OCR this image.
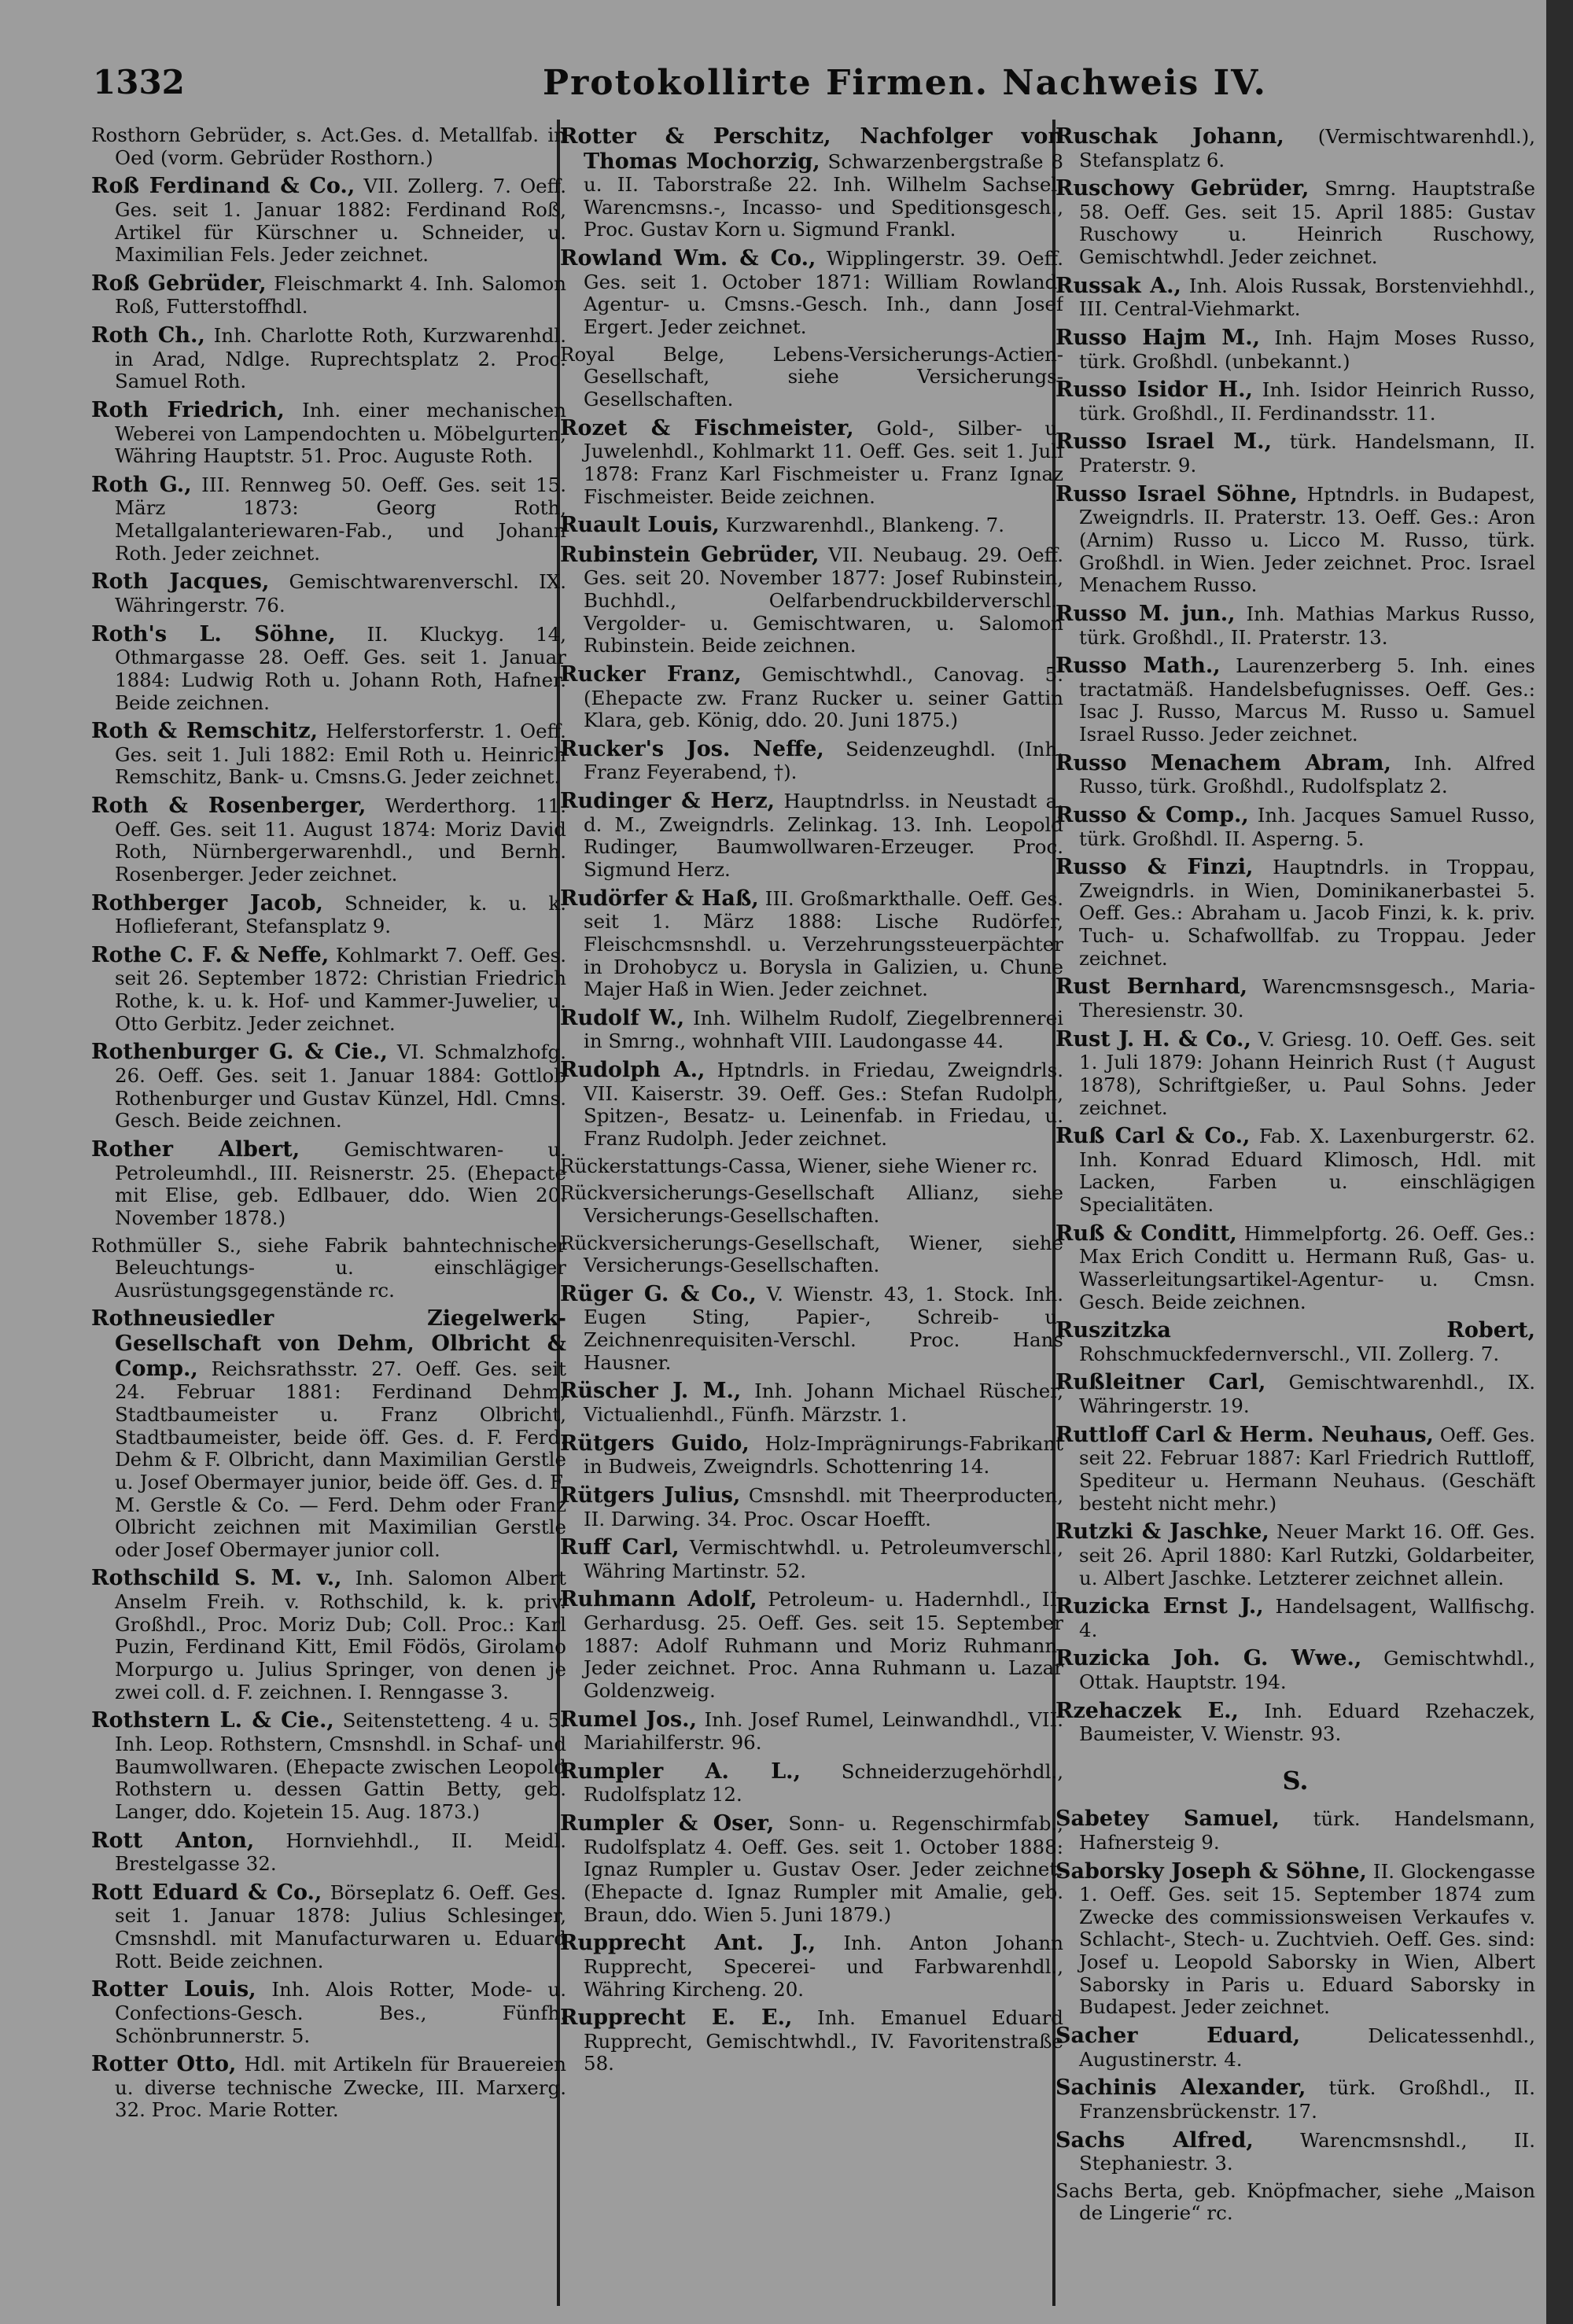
1332	Protokollirte Firmen. Nachweis IV.

Rosthorn Gebrüder, s. Act.Ges. d. Metallfab. in Oed (vorm. Gebrüder Rosthorn.)

Roß Ferdinand & Co., VII. Zollerg. 7. Oeff. Ges. seit 1. Januar 1882: Ferdinand Roß, Artikel für Kürschner u. Schneider, u. Maximilian Fels. Jeder zeichnet.

Roß Gebrüder, Fleischmarkt 4. Inh. Salomon Roß, Futterstoffhdl.

Roth Ch., Inh. Charlotte Roth, Kurzwarenhdl. in Arad, Ndlge. Ruprechtsplatz 2. Proc. Samuel Roth.

Roth Friedrich, Inh. einer mechanischen Weberei von Lampendochten u. Möbelgurten, Währing Hauptstr. 51. Proc. Auguste Roth.

Roth G., III. Rennweg 50. Oeff. Ges. seit 15. März 1873: Georg Roth, Metallgalanteriewaren-Fab., und Johann Roth. Jeder zeichnet.

Roth Jacques, Gemischtwarenverschl. IX. Währingerstr. 76.

Roth's L. Söhne, II. Kluckyg. 14, Othmargasse 28. Oeff. Ges. seit 1. Januar 1884: Ludwig Roth u. Johann Roth, Hafner. Beide zeichnen.

Roth & Remschitz, Helferstorferstr. 1. Oeff. Ges. seit 1. Juli 1882: Emil Roth u. Heinrich Remschitz, Bank- u. Cmsns.G. Jeder zeichnet.

Roth & Rosenberger, Werderthorg. 11. Oeff. Ges. seit 11. August 1874: Moriz David Roth, Nürnbergerwarenhdl., und Bernh. Rosenberger. Jeder zeichnet.

Rothberger Jacob, Schneider, k. u. k. Hoflieferant, Stefansplatz 9.

Rothe C. F. & Neffe, Kohlmarkt 7. Oeff. Ges. seit 26. September 1872: Christian Friedrich Rothe, k. u. k. Hof- und Kammer-Juwelier, u. Otto Gerbitz. Jeder zeichnet.

Rothenburger G. & Cie., VI. Schmalzhofg. 26. Oeff. Ges. seit 1. Januar 1884: Gottlob Rothenburger und Gustav Künzel, Hdl. Cmns. Gesch. Beide zeichnen.

Rother Albert, Gemischtwaren- u. Petroleumhdl., III. Reisnerstr. 25. (Ehepacte mit Elise, geb. Edlbauer, ddo. Wien 20. November 1878.)

Rothmüller S., siehe Fabrik bahntechnischer Beleuchtungs- u. einschlägiger Ausrüstungsgegenstände rc.

Rothneusiedler Ziegelwerk-Gesellschaft von Dehm, Olbricht & Comp., Reichsrathsstr. 27. Oeff. Ges. seit 24. Februar 1881: Ferdinand Dehm, Stadtbaumeister u. Franz Olbricht, Stadtbaumeister, beide öff. Ges. d. F. Ferd. Dehm & F. Olbricht, dann Maximilian Gerstle u. Josef Obermayer junior, beide öff. Ges. d. F. M. Gerstle & Co. — Ferd. Dehm oder Franz Olbricht zeichnen mit Maximilian Gerstle oder Josef Obermayer junior coll.

Rothschild S. M. v., Inh. Salomon Albert Anselm Freih. v. Rothschild, k. k. priv. Großhdl., Proc. Moriz Dub; Coll. Proc.: Karl Puzin, Ferdinand Kitt, Emil Födös, Girolamo Morpurgo u. Julius Springer, von denen je zwei coll. d. F. zeichnen. I. Renngasse 3.

Rothstern L. & Cie., Seitenstetteng. 4 u. 5. Inh. Leop. Rothstern, Cmsnshdl. in Schaf- und Baumwollwaren. (Ehepacte zwischen Leopold Rothstern u. dessen Gattin Betty, geb. Langer, ddo. Kojetein 15. Aug. 1873.)

Rott Anton, Hornviehhdl., II. Meidl. Brestelgasse 32.

Rott Eduard & Co., Börseplatz 6. Oeff. Ges. seit 1. Januar 1878: Julius Schlesinger, Cmsnshdl. mit Manufacturwaren u. Eduard Rott. Beide zeichnen.

Rotter Louis, Inh. Alois Rotter, Mode- u. Confections-Gesch. Bes., Fünfh. Schönbrunnerstr. 5.

Rotter Otto, Hdl. mit Artikeln für Brauereien u. diverse technische Zwecke, III. Marxerg. 32. Proc. Marie Rotter.

Rotter & Perschitz, Nachfolger von Thomas Mochorzig, Schwarzenbergstraße 8 u. II. Taborstraße 22. Inh. Wilhelm Sachsel, Warencmsns.-, Incasso- und Speditionsgesch., Proc. Gustav Korn u. Sigmund Frankl.

Rowland Wm. & Co., Wipplingerstr. 39. Oeff. Ges. seit 1. October 1871: William Rowland, Agentur- u. Cmsns.-Gesch. Inh., dann Josef Ergert. Jeder zeichnet.

Royal Belge, Lebens-Versicherungs-Actien-Gesellschaft, siehe Versicherungs-Gesellschaften.

Rozet & Fischmeister, Gold-, Silber- u. Juwelenhdl., Kohlmarkt 11. Oeff. Ges. seit 1. Juli 1878: Franz Karl Fischmeister u. Franz Ignaz Fischmeister. Beide zeichnen.

Ruault Louis, Kurzwarenhdl., Blankeng. 7.

Rubinstein Gebrüder, VII. Neubaug. 29. Oeff. Ges. seit 20. November 1877: Josef Rubinstein, Buchhdl., Oelfarbendruckbilderverschl., Vergolder- u. Gemischtwaren, u. Salomon Rubinstein. Beide zeichnen.

Rucker Franz, Gemischtwhdl., Canovag. 5. (Ehepacte zw. Franz Rucker u. seiner Gattin Klara, geb. König, ddo. 20. Juni 1875.)

Rucker's Jos. Neffe, Seidenzeughdl. (Inh. Franz Feyerabend, †).

Rudinger & Herz, Hauptndrlss. in Neustadt a. d. M., Zweigndrls. Zelinkag. 13. Inh. Leopold Rudinger, Baumwollwaren-Erzeuger. Proc. Sigmund Herz.

Rudörfer & Haß, III. Großmarkthalle. Oeff. Ges. seit 1. März 1888: Lische Rudörfer, Fleischcmsnshdl. u. Verzehrungssteuerpächter in Drohobycz u. Borysla in Galizien, u. Chune Majer Haß in Wien. Jeder zeichnet.

Rudolf W., Inh. Wilhelm Rudolf, Ziegelbrennerei in Smrng., wohnhaft VIII. Laudongasse 44.

Rudolph A., Hptndrls. in Friedau, Zweigndrls. VII. Kaiserstr. 39. Oeff. Ges.: Stefan Rudolph, Spitzen-, Besatz- u. Leinenfab. in Friedau, u. Franz Rudolph. Jeder zeichnet.

Rückerstattungs-Cassa, Wiener, siehe Wiener rc.

Rückversicherungs-Gesellschaft Allianz, siehe Versicherungs-Gesellschaften.

Rückversicherungs-Gesellschaft, Wiener, siehe Versicherungs-Gesellschaften.

Rüger G. & Co., V. Wienstr. 43, 1. Stock. Inh. Eugen Sting, Papier-, Schreib- u. Zeichnenrequisiten-Verschl. Proc. Hans Hausner.

Rüscher J. M., Inh. Johann Michael Rüscher, Victualienhdl., Fünfh. Märzstr. 1.

Rütgers Guido, Holz-Imprägnirungs-Fabrikant in Budweis, Zweigndrls. Schottenring 14.

Rütgers Julius, Cmsnshdl. mit Theerproducten, II. Darwing. 34. Proc. Oscar Hoefft.

Ruff Carl, Vermischtwhdl. u. Petroleumverschl., Währing Martinstr. 52.

Ruhmann Adolf, Petroleum- u. Hadernhdl., II. Gerhardusg. 25. Oeff. Ges. seit 15. September 1887: Adolf Ruhmann und Moriz Ruhmann. Jeder zeichnet. Proc. Anna Ruhmann u. Lazar Goldenzweig.

Rumel Jos., Inh. Josef Rumel, Leinwandhdl., VII. Mariahilferstr. 96.

Rumpler A. L., Schneiderzugehörhdl., Rudolfsplatz 12.

Rumpler & Oser, Sonn- u. Regenschirmfab., Rudolfsplatz 4. Oeff. Ges. seit 1. October 1888: Ignaz Rumpler u. Gustav Oser. Jeder zeichnet. (Ehepacte d. Ignaz Rumpler mit Amalie, geb. Braun, ddo. Wien 5. Juni 1879.)

Rupprecht Ant. J., Inh. Anton Johann Rupprecht, Specerei- und Farbwarenhdl., Währing Kircheng. 20.

Rupprecht E. E., Inh. Emanuel Eduard Rupprecht, Gemischtwhdl., IV. Favoritenstraße 58.

Ruschak Johann, (Vermischtwarenhdl.), Stefansplatz 6.

Ruschowy Gebrüder, Smrng. Hauptstraße 58. Oeff. Ges. seit 15. April 1885: Gustav Ruschowy u. Heinrich Ruschowy, Gemischtwhdl. Jeder zeichnet.

Russak A., Inh. Alois Russak, Borstenviehhdl., III. Central-Viehmarkt.

Russo Hajm M., Inh. Hajm Moses Russo, türk. Großhdl. (unbekannt.)

Russo Isidor H., Inh. Isidor Heinrich Russo, türk. Großhdl., II. Ferdinandsstr. 11.

Russo Israel M., türk. Handelsmann, II. Praterstr. 9.

Russo Israel Söhne, Hptndrls. in Budapest, Zweigndrls. II. Praterstr. 13. Oeff. Ges.: Aron (Arnim) Russo u. Licco M. Russo, türk. Großhdl. in Wien. Jeder zeichnet. Proc. Israel Menachem Russo.

Russo M. jun., Inh. Mathias Markus Russo, türk. Großhdl., II. Praterstr. 13.

Russo Math., Laurenzerberg 5. Inh. eines tractatmäß. Handelsbefugnisses. Oeff. Ges.: Isac J. Russo, Marcus M. Russo u. Samuel Israel Russo. Jeder zeichnet.

Russo Menachem Abram, Inh. Alfred Russo, türk. Großhdl., Rudolfsplatz 2.

Russo & Comp., Inh. Jacques Samuel Russo, türk. Großhdl. II. Asperng. 5.

Russo & Finzi, Hauptndrls. in Troppau, Zweigndrls. in Wien, Dominikanerbastei 5. Oeff. Ges.: Abraham u. Jacob Finzi, k. k. priv. Tuch- u. Schafwollfab. zu Troppau. Jeder zeichnet.

Rust Bernhard, Warencmsnsgesch., Maria-Theresienstr. 30.

Rust J. H. & Co., V. Griesg. 10. Oeff. Ges. seit 1. Juli 1879: Johann Heinrich Rust († August 1878), Schriftgießer, u. Paul Sohns. Jeder zeichnet.

Ruß Carl & Co., Fab. X. Laxenburgerstr. 62. Inh. Konrad Eduard Klimosch, Hdl. mit Lacken, Farben u. einschlägigen Specialitäten.

Ruß & Conditt, Himmelpfortg. 26. Oeff. Ges.: Max Erich Conditt u. Hermann Ruß, Gas- u. Wasserleitungsartikel-Agentur- u. Cmsn. Gesch. Beide zeichnen.

Ruszitzka Robert, Rohschmuckfedernverschl., VII. Zollerg. 7.

Rußleitner Carl, Gemischtwarenhdl., IX. Währingerstr. 19.

Ruttloff Carl & Herm. Neuhaus, Oeff. Ges. seit 22. Februar 1887: Karl Friedrich Ruttloff, Spediteur u. Hermann Neuhaus. (Geschäft besteht nicht mehr.)

Rutzki & Jaschke, Neuer Markt 16. Off. Ges. seit 26. April 1880: Karl Rutzki, Goldarbeiter, u. Albert Jaschke. Letzterer zeichnet allein.

Ruzicka Ernst J., Handelsagent, Wallfischg. 4.

Ruzicka Joh. G. Wwe., Gemischtwhdl., Ottak. Hauptstr. 194.

Rzehaczek E., Inh. Eduard Rzehaczek, Baumeister, V. Wienstr. 93.

S.

Sabetey Samuel, türk. Handelsmann, Hafnersteig 9.

Saborsky Joseph & Söhne, II. Glockengasse 1. Oeff. Ges. seit 15. September 1874 zum Zwecke des commissionsweisen Verkaufes v. Schlacht-, Stech- u. Zuchtvieh. Oeff. Ges. sind: Josef u. Leopold Saborsky in Wien, Albert Saborsky in Paris u. Eduard Saborsky in Budapest. Jeder zeichnet.

Sacher Eduard,	Delicatessenhdl., Augustinerstr. 4.

Sachinis Alexander, türk. Großhdl., II. Franzensbrückenstr. 17.

Sachs Alfred, Warencmsnshdl., II. Stephaniestr. 3.

Sachs Berta, geb. Knöpfmacher, siehe „Maison de Lingerie“ rc.
